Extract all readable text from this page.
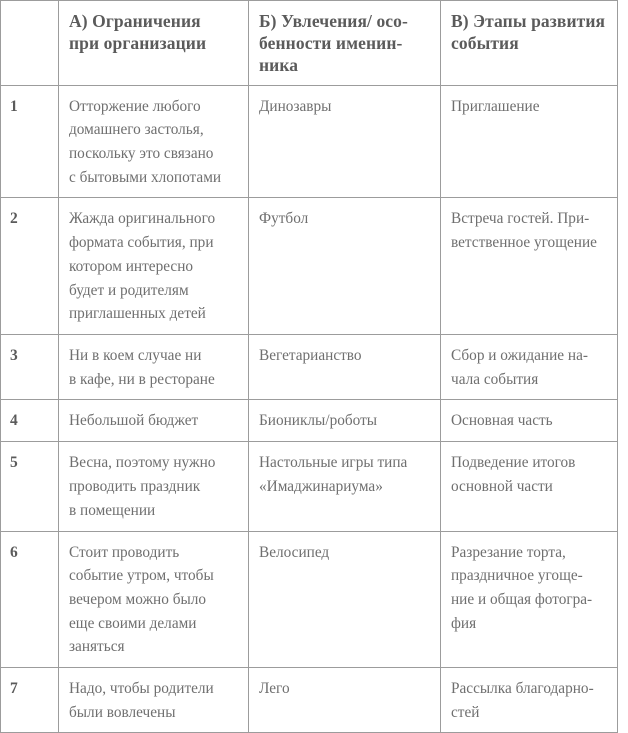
	А) Ограничения
при организации	Б) Увлечения/ осо-
бенности именин-
ника	В) Этапы развития
события

1	Отторжение любого
домашнего застолья,
поскольку это связано
с бытовыми хлопотами	Динозавры	Приглашение

2	Жажда оригинального
формата события, при
котором интересно
будет и родителям
приглашенных детей	Футбол	Встреча гостей. При-
ветственное угощение

3	Ни в коем случае ни
в кафе, ни в ресторане	Вегетарианство	Сбор и ожидание на-
чала события

4	Небольшой бюджет	Биониклы/роботы	Основная часть

5	Весна, поэтому нужно
проводить праздник
в помещении	Настольные игры типа
«Имаджинариума»	Подведение итогов
основной части

6	Стоит проводить
событие утром, чтобы
вечером можно было
еще своими делами
заняться	Велосипед	Разрезание торта,
праздничное угоще-
ние и общая фотогра-
фия

7	Надо, чтобы родители
были вовлечены	Лего	Рассылка благодарно-
стей
